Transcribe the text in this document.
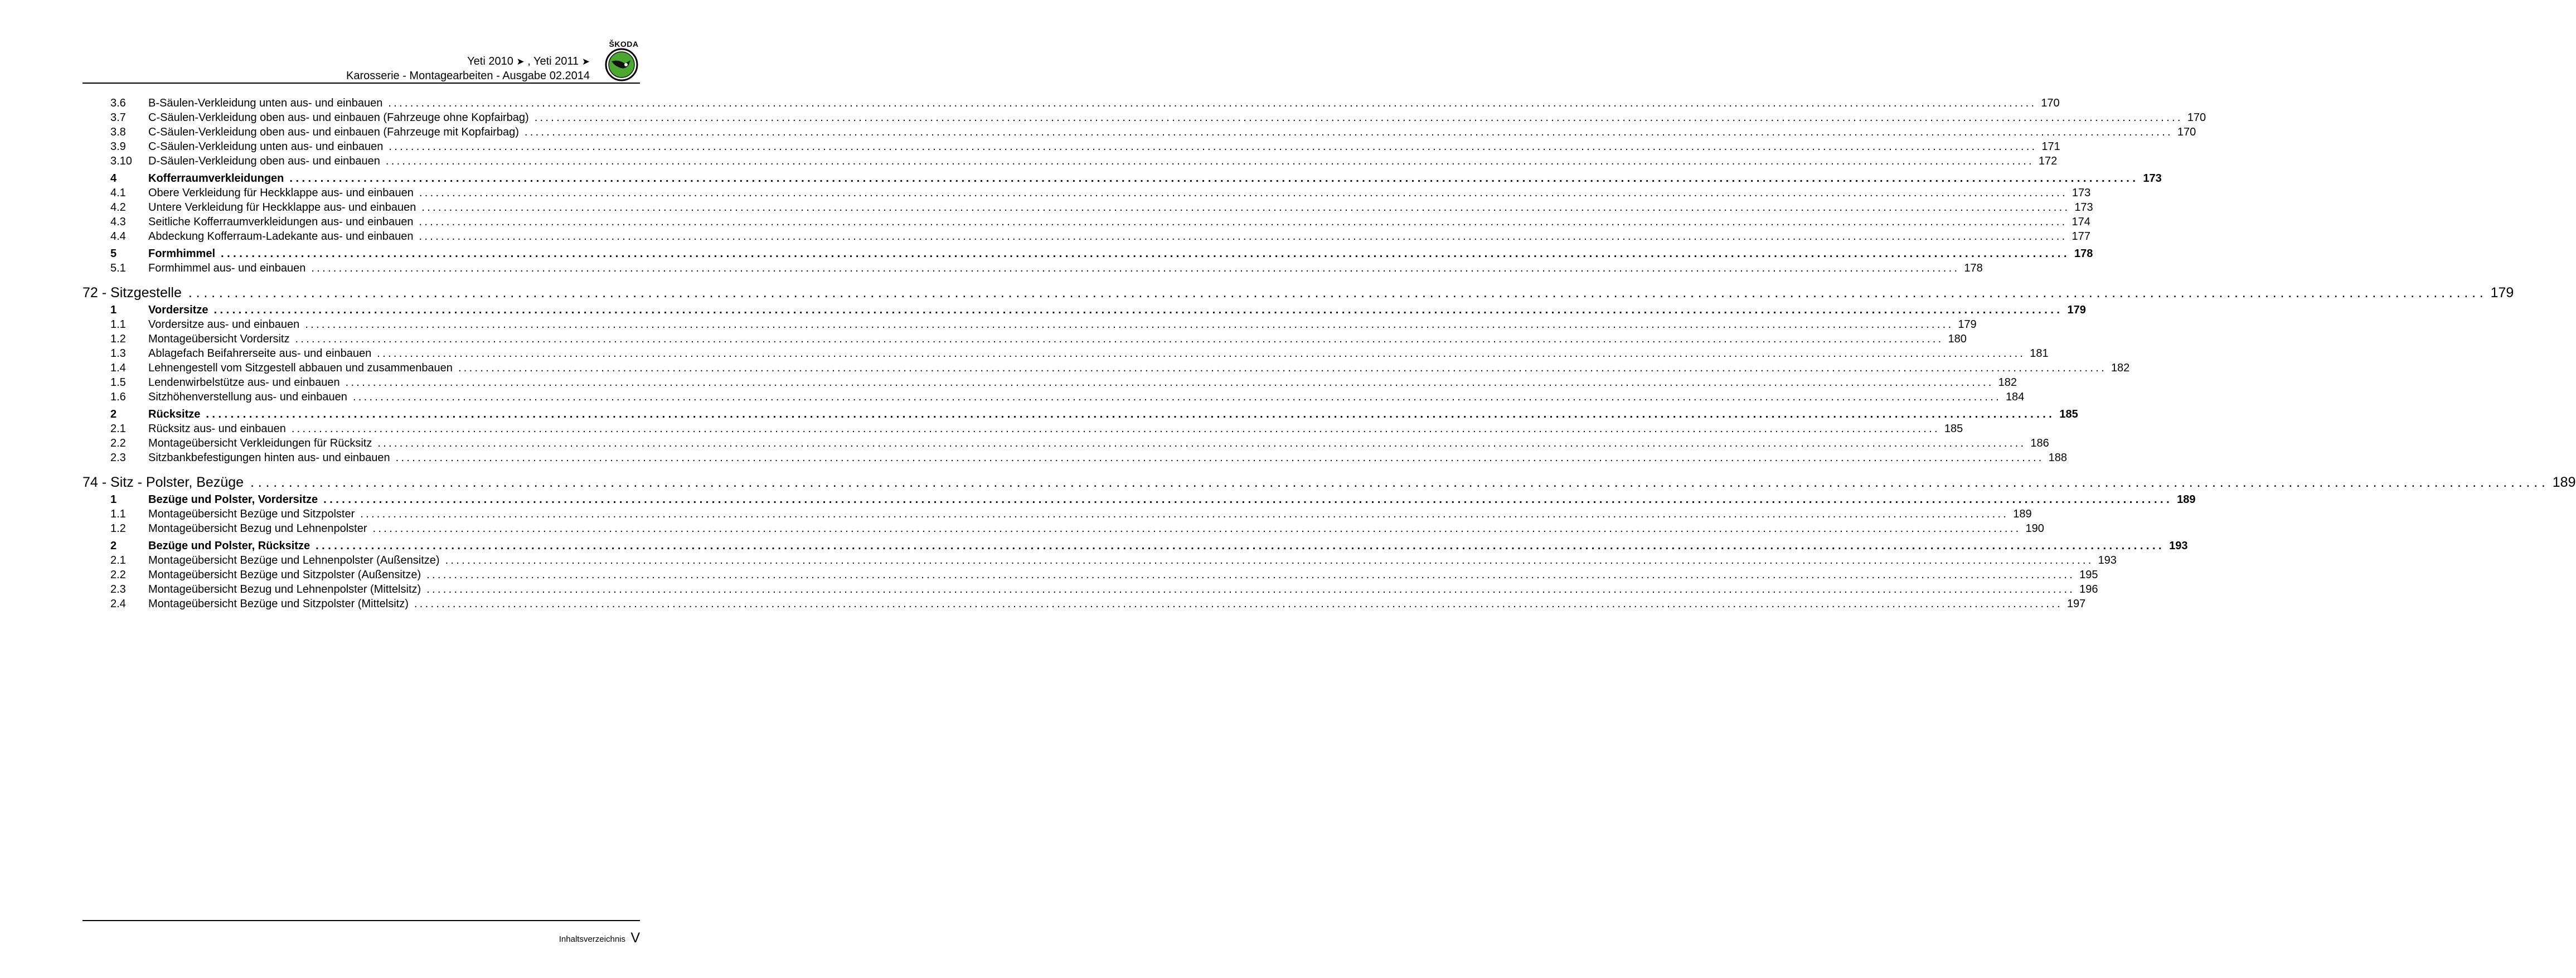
ŠKODA
Yeti 2010 ➤ , Yeti 2011 ➤
Karosserie - Montagearbeiten - Ausgabe 02.2014
3.6 B-Säulen-Verkleidung unten aus- und einbauen ............................................................................................................................................................................................................................................................................................................ 170
3.7 C-Säulen-Verkleidung oben aus- und einbauen (Fahrzeuge ohne Kopfairbag) ............................................................................................................................................................................................................................................................................................................ 170
3.8 C-Säulen-Verkleidung oben aus- und einbauen (Fahrzeuge mit Kopfairbag) ............................................................................................................................................................................................................................................................................................................ 170
3.9 C-Säulen-Verkleidung unten aus- und einbauen ............................................................................................................................................................................................................................................................................................................ 171
3.10 D-Säulen-Verkleidung oben aus- und einbauen ............................................................................................................................................................................................................................................................................................................ 172
4	Kofferraumverkleidungen ............................................................................................................................................................................................................................................................................................................ 173
4.1 Obere Verkleidung für Heckklappe aus- und einbauen ............................................................................................................................................................................................................................................................................................................ 173
4.2 Untere Verkleidung für Heckklappe aus- und einbauen ............................................................................................................................................................................................................................................................................................................ 173
4.3 Seitliche Kofferraumverkleidungen aus- und einbauen ............................................................................................................................................................................................................................................................................................................ 174
4.4 Abdeckung Kofferraum-Ladekante aus- und einbauen ............................................................................................................................................................................................................................................................................................................ 177
5	Formhimmel ............................................................................................................................................................................................................................................................................................................ 178
5.1 Formhimmel aus- und einbauen ............................................................................................................................................................................................................................................................................................................ 178
72 - Sitzgestelle ............................................................................................................................................................................................................................................................................................................ 179
1	Vordersitze ............................................................................................................................................................................................................................................................................................................ 179
1.1 Vordersitze aus- und einbauen ............................................................................................................................................................................................................................................................................................................ 179
1.2 Montageübersicht Vordersitz ............................................................................................................................................................................................................................................................................................................ 180
1.3 Ablagefach Beifahrerseite aus- und einbauen ............................................................................................................................................................................................................................................................................................................ 181
1.4 Lehnengestell vom Sitzgestell abbauen und zusammenbauen ............................................................................................................................................................................................................................................................................................................ 182
1.5 Lendenwirbelstütze aus- und einbauen ............................................................................................................................................................................................................................................................................................................ 182
1.6 Sitzhöhenverstellung aus- und einbauen ............................................................................................................................................................................................................................................................................................................ 184
2	Rücksitze ............................................................................................................................................................................................................................................................................................................ 185
2.1 Rücksitz aus- und einbauen ............................................................................................................................................................................................................................................................................................................ 185
2.2 Montageübersicht Verkleidungen für Rücksitz ............................................................................................................................................................................................................................................................................................................ 186
2.3 Sitzbankbefestigungen hinten aus- und einbauen ............................................................................................................................................................................................................................................................................................................ 188
74 - Sitz - Polster, Bezüge ............................................................................................................................................................................................................................................................................................................ 189
1	Bezüge und Polster, Vordersitze ............................................................................................................................................................................................................................................................................................................ 189
1.1 Montageübersicht Bezüge und Sitzpolster ............................................................................................................................................................................................................................................................................................................ 189
1.2 Montageübersicht Bezug und Lehnenpolster ............................................................................................................................................................................................................................................................................................................ 190
2	Bezüge und Polster, Rücksitze ............................................................................................................................................................................................................................................................................................................ 193
2.1 Montageübersicht Bezüge und Lehnenpolster (Außensitze) ............................................................................................................................................................................................................................................................................................................ 193
2.2 Montageübersicht Bezüge und Sitzpolster (Außensitze) ............................................................................................................................................................................................................................................................................................................ 195
2.3 Montageübersicht Bezug und Lehnenpolster (Mittelsitz) ............................................................................................................................................................................................................................................................................................................ 196
2.4 Montageübersicht Bezüge und Sitzpolster (Mittelsitz) ............................................................................................................................................................................................................................................................................................................ 197
Inhaltsverzeichnis V
